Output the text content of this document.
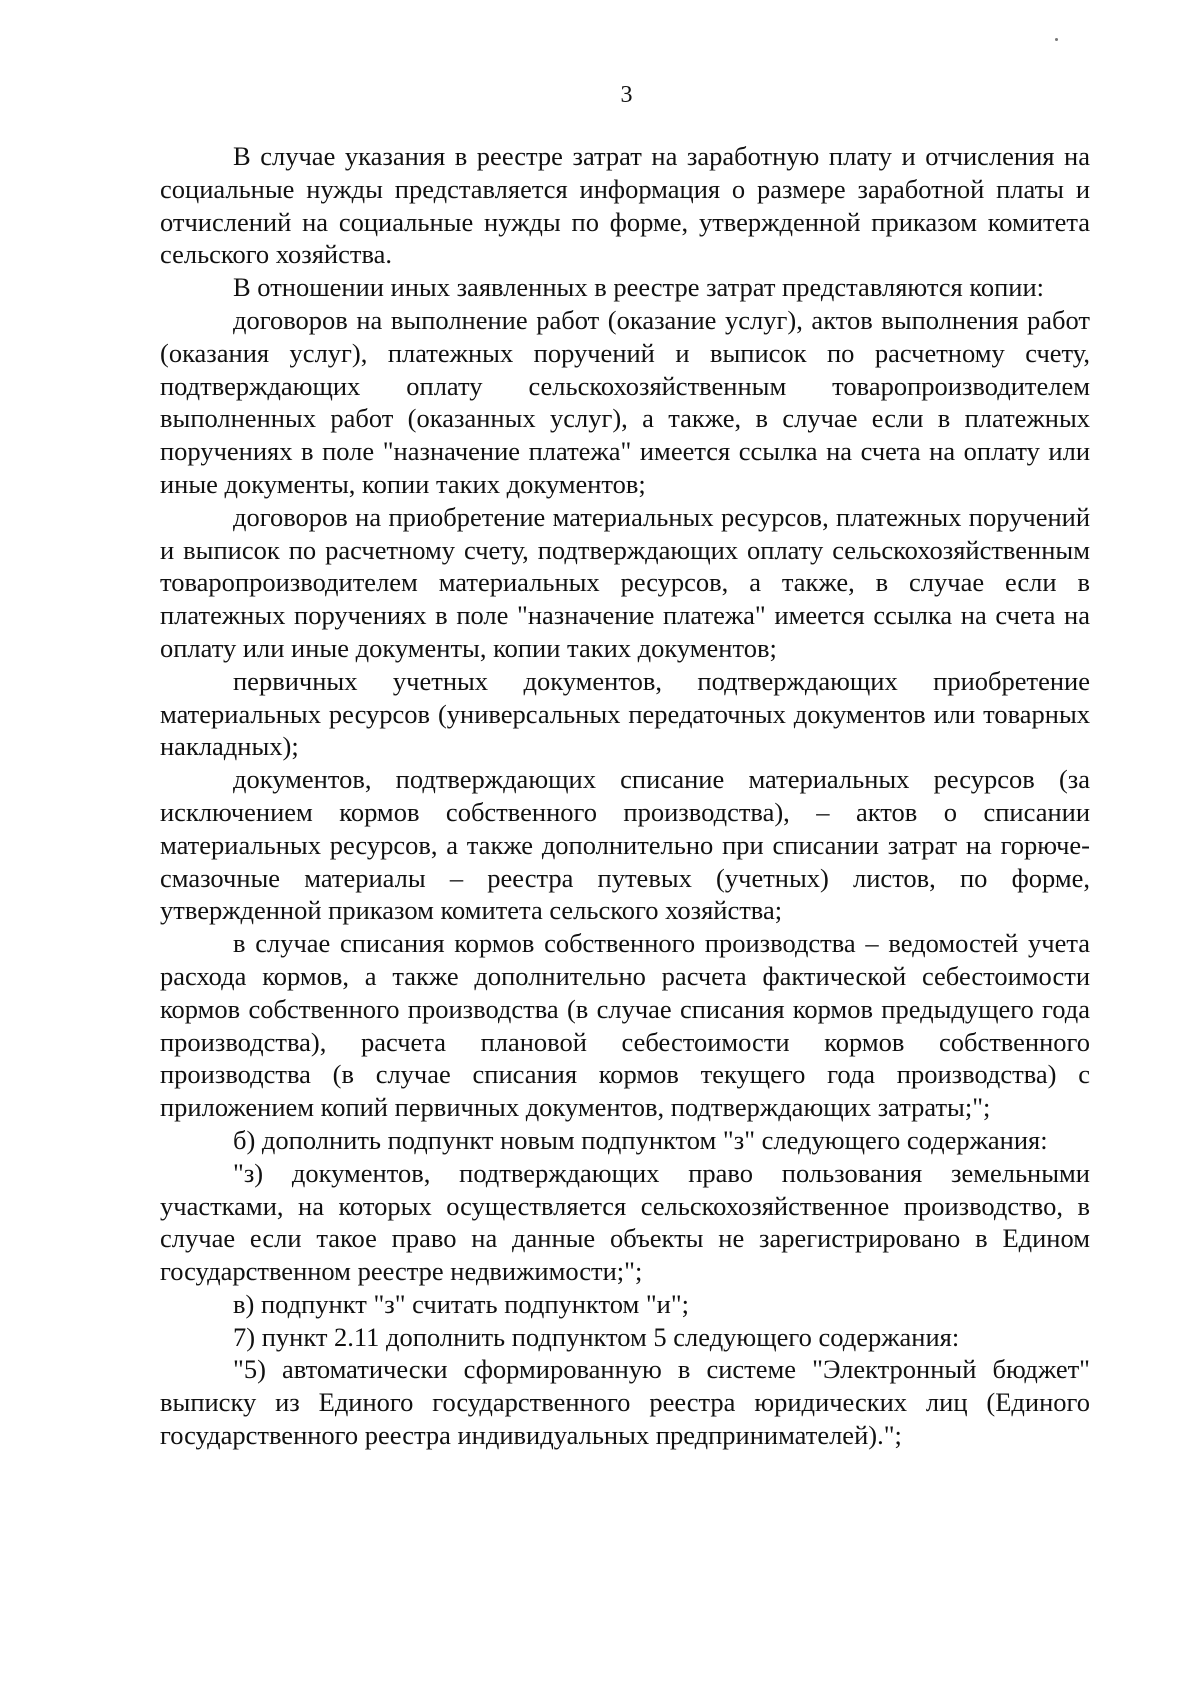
3

В случае указания в реестре затрат на заработную плату и отчисления на социальные нужды представляется информация о размере заработной платы и отчислений на социальные нужды по форме, утвержденной приказом комитета сельского хозяйства.

В отношении иных заявленных в реестре затрат представляются копии:

договоров на выполнение работ (оказание услуг), актов выполнения работ (оказания услуг), платежных поручений и выписок по расчетному счету, подтверждающих оплату сельскохозяйственным товаропроизводителем выполненных работ (оказанных услуг), а также, в случае если в платежных поручениях в поле "назначение платежа" имеется ссылка на счета на оплату или иные документы, копии таких документов;

договоров на приобретение материальных ресурсов, платежных поручений и выписок по расчетному счету, подтверждающих оплату сельскохозяйственным товаропроизводителем материальных ресурсов, а также, в случае если в платежных поручениях в поле "назначение платежа" имеется ссылка на счета на оплату или иные документы, копии таких документов;

первичных учетных документов, подтверждающих приобретение материальных ресурсов (универсальных передаточных документов или товарных накладных);

документов, подтверждающих списание материальных ресурсов (за исключением кормов собственного производства), – актов о списании материальных ресурсов, а также дополнительно при списании затрат на горюче-смазочные материалы – реестра путевых (учетных) листов, по форме, утвержденной приказом комитета сельского хозяйства;

в случае списания кормов собственного производства – ведомостей учета расхода кормов, а также дополнительно расчета фактической себестоимости кормов собственного производства (в случае списания кормов предыдущего года производства), расчета плановой себестоимости кормов собственного производства (в случае списания кормов текущего года производства) с приложением копий первичных документов, подтверждающих затраты;";

б) дополнить подпункт новым подпунктом "з" следующего содержания:

"з) документов, подтверждающих право пользования земельными участками, на которых осуществляется сельскохозяйственное производство, в случае если такое право на данные объекты не зарегистрировано в Едином государственном реестре недвижимости;";

в) подпункт "з" считать подпунктом "и";

7) пункт 2.11 дополнить подпунктом 5 следующего содержания:

"5) автоматически сформированную в системе "Электронный бюджет" выписку из Единого государственного реестра юридических лиц (Единого государственного реестра индивидуальных предпринимателей).";
